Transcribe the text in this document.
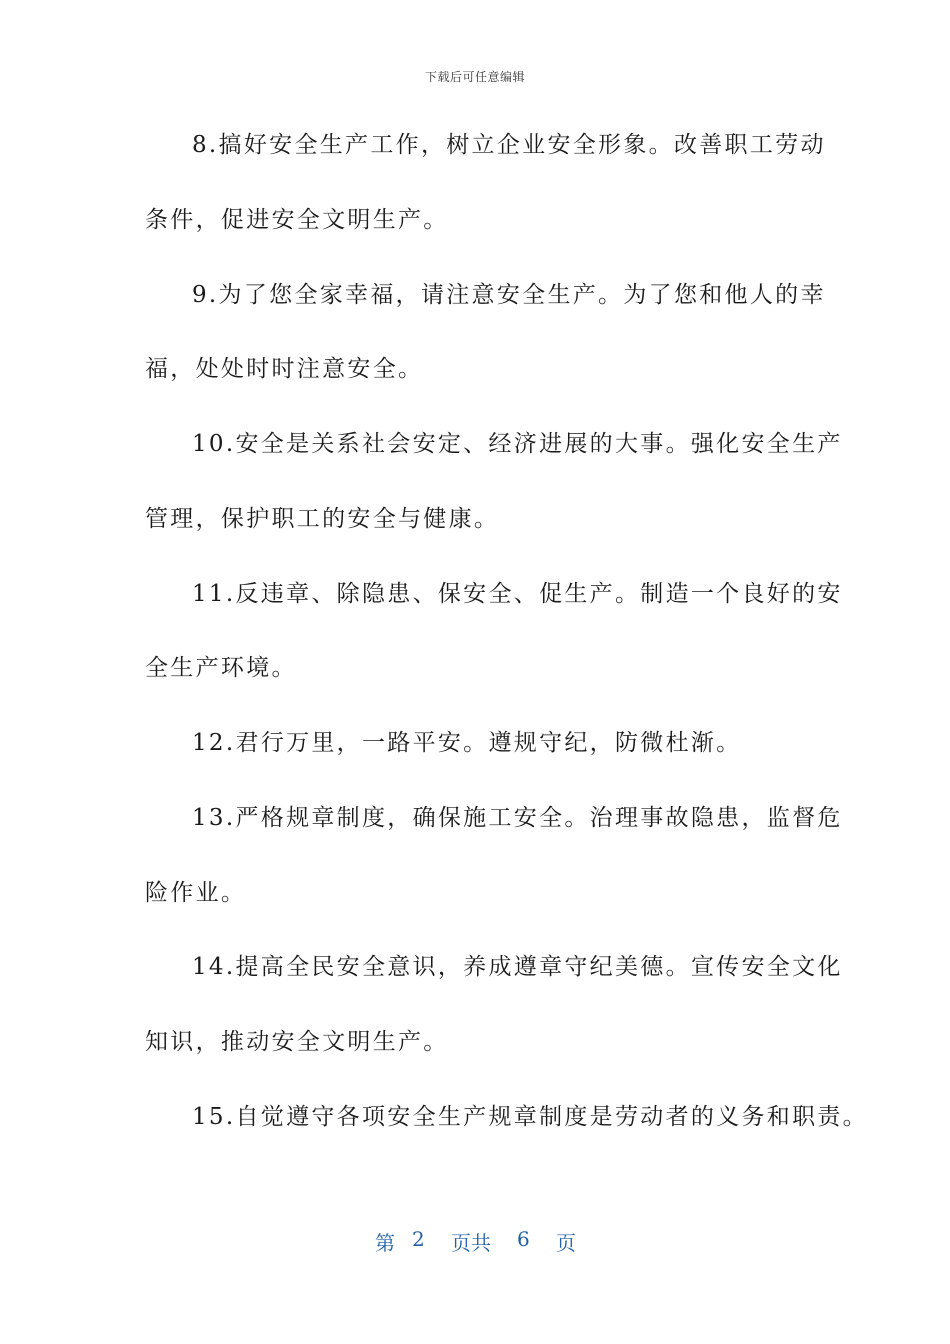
下载后可任意编辑
8.搞好安全生产工作，树立企业安全形象。改善职工劳动
条件，促进安全文明生产。
9.为了您全家幸福，请注意安全生产。为了您和他人的幸
福，处处时时注意安全。
10.安全是关系社会安定、经济进展的大事。强化安全生产
管理，保护职工的安全与健康。
11.反违章、除隐患、保安全、促生产。制造一个良好的安
全生产环境。
12.君行万里，一路平安。遵规守纪，防微杜渐。
13.严格规章制度，确保施工安全。治理事故隐患，监督危
险作业。
14.提高全民安全意识，养成遵章守纪美德。宣传安全文化
知识，推动安全文明生产。
15.自觉遵守各项安全生产规章制度是劳动者的义务和职责。
第 2 页共 6 页
